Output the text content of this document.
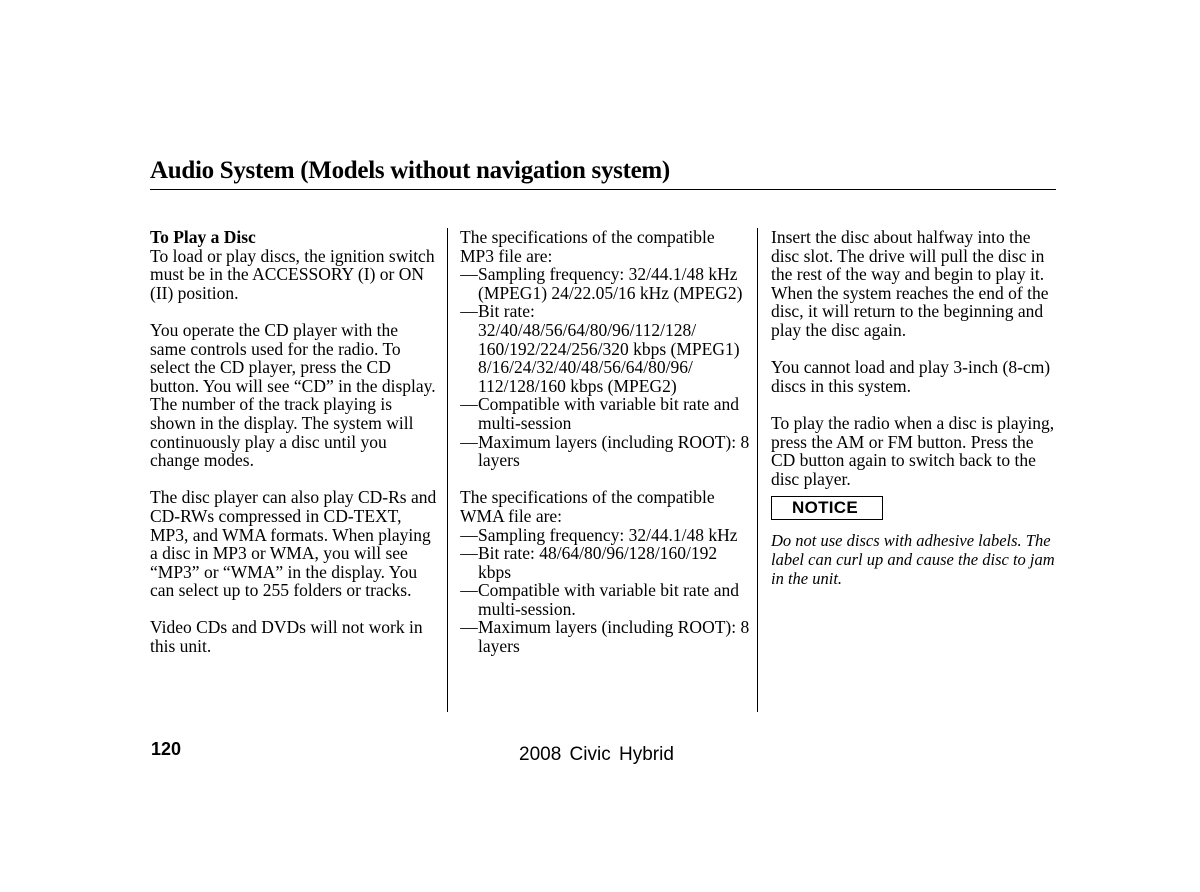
Audio System (Models without navigation system)

To Play a Disc

To load or play discs, the ignition switch must be in the ACCESSORY (I) or ON (II) position.

You operate the CD player with the same controls used for the radio. To select the CD player, press the CD button. You will see “CD” in the display. The number of the track playing is shown in the display. The system will continuously play a disc until you change modes.

The disc player can also play CD-Rs and CD-RWs compressed in CD-TEXT, MP3, and WMA formats. When playing a disc in MP3 or WMA, you will see “MP3” or “WMA” in the display. You can select up to 255 folders or tracks.

Video CDs and DVDs will not work in this unit.

The specifications of the compatible MP3 file are:

— Sampling frequency: 32/44.1/48 kHz (MPEG1) 24/22.05/16 kHz (MPEG2)
— Bit rate: 32/40/48/56/64/80/96/112/128/ 160/192/224/256/320 kbps (MPEG1) 8/16/24/32/40/48/56/64/80/96/ 112/128/160 kbps (MPEG2)
— Compatible with variable bit rate and multi-session
— Maximum layers (including ROOT): 8 layers

The specifications of the compatible WMA file are:

— Sampling frequency: 32/44.1/48 kHz
— Bit rate: 48/64/80/96/128/160/192 kbps
— Compatible with variable bit rate and multi-session.
— Maximum layers (including ROOT): 8 layers

Insert the disc about halfway into the disc slot. The drive will pull the disc in the rest of the way and begin to play it. When the system reaches the end of the disc, it will return to the beginning and play the disc again.

You cannot load and play 3-inch (8-cm) discs in this system.

To play the radio when a disc is playing, press the AM or FM button. Press the CD button again to switch back to the disc player.

NOTICE

Do not use discs with adhesive labels. The label can curl up and cause the disc to jam in the unit.

120	2008 Civic Hybrid
